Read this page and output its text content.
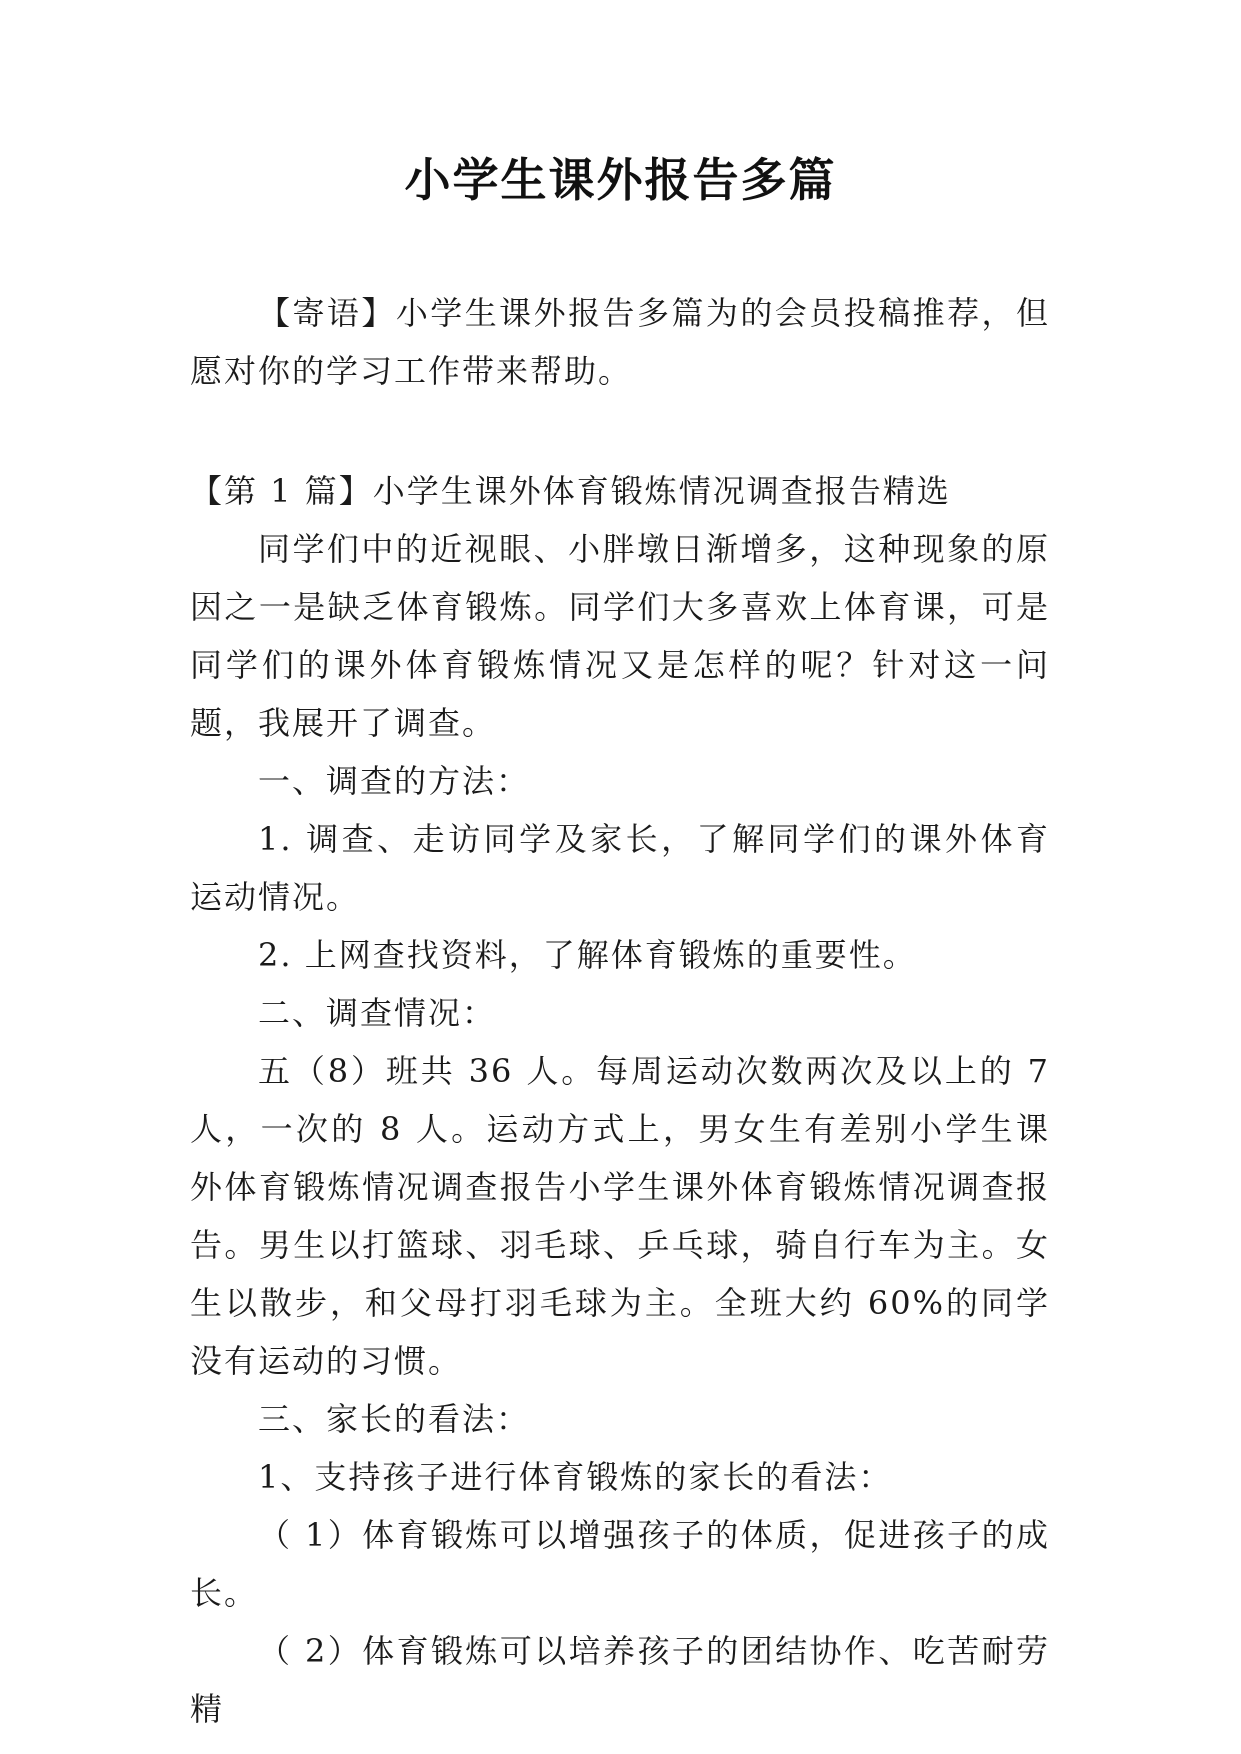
小学生课外报告多篇

【寄语】小学生课外报告多篇为的会员投稿推荐，但愿对你的学习工作带来帮助。

【第 1 篇】小学生课外体育锻炼情况调查报告精选

同学们中的近视眼、小胖墩日渐增多，这种现象的原因之一是缺乏体育锻炼。同学们大多喜欢上体育课，可是同学们的课外体育锻炼情况又是怎样的呢？针对这一问题，我展开了调查。

一、调查的方法：

1. 调查、走访同学及家长，了解同学们的课外体育运动情况。

2. 上网查找资料，了解体育锻炼的重要性。

二、调查情况：

五（8）班共 36 人。每周运动次数两次及以上的 7 人，一次的 8 人。运动方式上，男女生有差别小学生课外体育锻炼情况调查报告小学生课外体育锻炼情况调查报告。男生以打篮球、羽毛球、乒乓球，骑自行车为主。女生以散步，和父母打羽毛球为主。全班大约 60%的同学没有运动的习惯。

三、家长的看法：

1、支持孩子进行体育锻炼的家长的看法：

（ 1）体育锻炼可以增强孩子的体质，促进孩子的成长。

（ 2）体育锻炼可以培养孩子的团结协作、吃苦耐劳精
